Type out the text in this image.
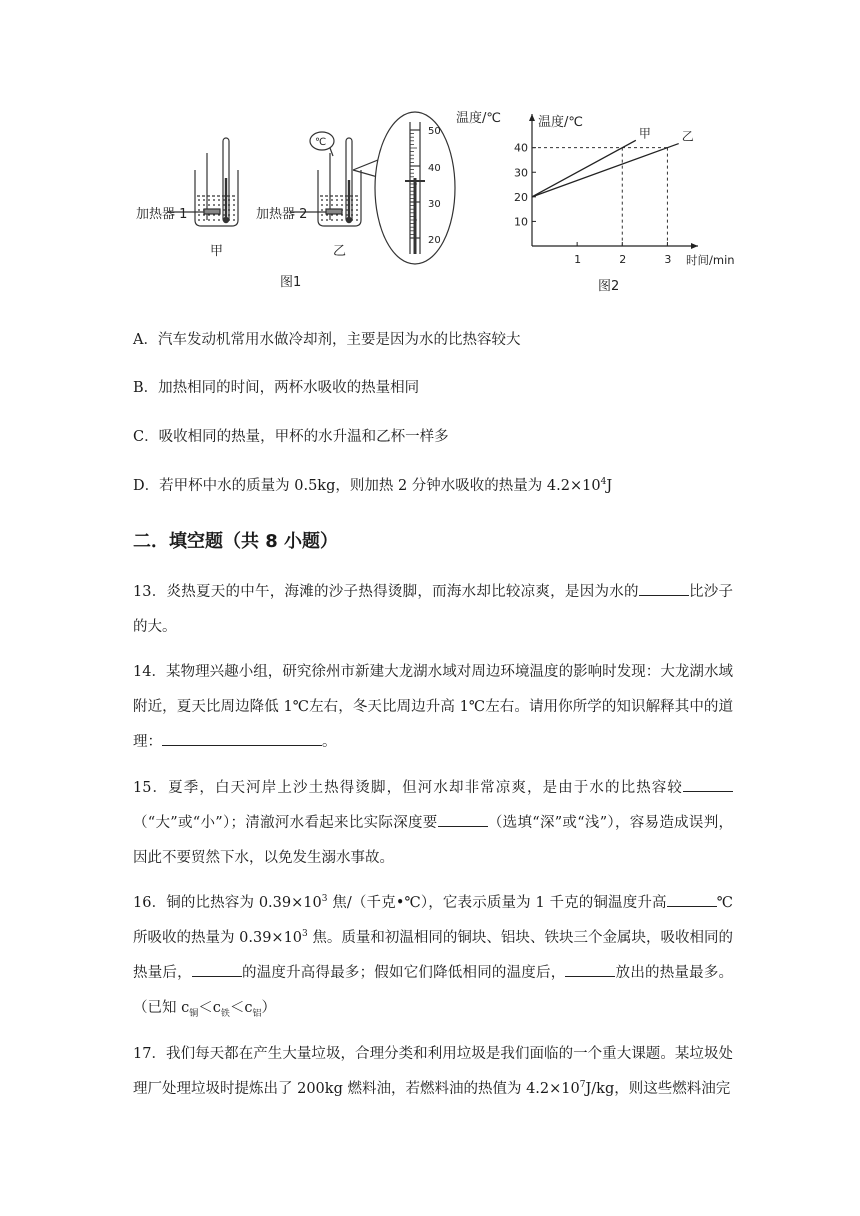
加热器 1
甲
℃
加热器 2
乙
50
40
30
20
温度/℃
图1
10
20
30
40
1	2	3
甲	乙
温度/℃
时间/min
图2
A．汽车发动机常用水做冷却剂，主要是因为水的比热容较大
B．加热相同的时间，两杯水吸收的热量相同
C．吸收相同的热量，甲杯的水升温和乙杯一样多
D．若甲杯中水的质量为 0.5kg，则加热 2 分钟水吸收的热量为 $4.2\times 10^4J$
二．填空题（共 8 小题）
13．炎热夏天的中午，海滩的沙子热得烫脚，而海水却比较凉爽，是因为水的	比沙子的大。
14．某物理兴趣小组，研究徐州市新建大龙湖水域对周边环境温度的影响时发现：大龙湖水域附近，夏天比周边降低 1℃左右，冬天比周边升高 1℃左右。请用你所学的知识解释其中的道理：	。
15．夏季，白天河岸上沙土热得烫脚，但河水却非常凉爽，是由于水的比热容较（“大”或“小”）；清澈河水看起来比实际深度要	（选填“深”或“浅”），容易造成误判，因此不要贸然下水，以免发生溺水事故。
16．铜的比热容为 $0.39\times 10^3$ 焦/（千克•℃），它表示质量为 1 千克的铜温度升高	℃所吸收的热量为 $0.39\times 10^3$ 焦。质量和初温相同的铜块、铝块、铁块三个金属块，吸收相同的热量后，	的温度升高得最多；假如它们降低相同的温度后，	放出的热量最多。（已知 $c_铜<c_铁<c_铝$）
17．我们每天都在产生大量垃圾，合理分类和利用垃圾是我们面临的一个重大课题。某垃圾处理厂处理垃圾时提炼出了 200kg 燃料油，若燃料油的热值为 $4.2\times 10^7J/kg$，则这些燃料油完
